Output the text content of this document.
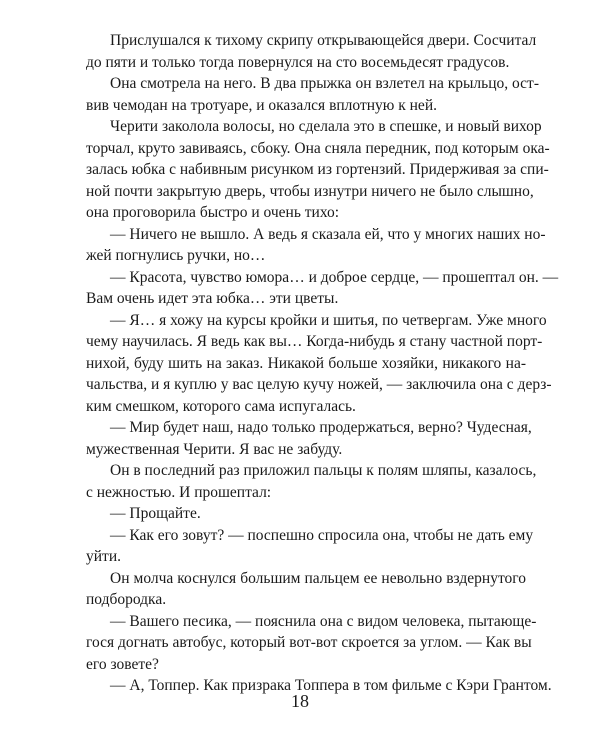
Прислушался к тихому скрипу открывающейся двери. Сосчитал
до пяти и только тогда повернулся на сто восемьдесят градусов.
Она смотрела на него. В два прыжка он взлетел на крыльцо, ост-
вив чемодан на тротуаре, и оказался вплотную к ней.
Черити заколола волосы, но сделала это в спешке, и новый вихор
торчал, круто завиваясь, сбоку. Она сняла передник, под которым ока-
залась юбка с набивным рисунком из гортензий. Придерживая за спи-
ной почти закрытую дверь, чтобы изнутри ничего не было слышно,
она проговорила быстро и очень тихо:
— Ничего не вышло. А ведь я сказала ей, что у многих наших но-
жей погнулись ручки, но…
— Красота, чувство юмора… и доброе сердце, — прошептал он. —
Вам очень идет эта юбка… эти цветы.
— Я… я хожу на курсы кройки и шитья, по четвергам. Уже много
чему научилась. Я ведь как вы… Когда-нибудь я стану частной порт-
нихой, буду шить на заказ. Никакой больше хозяйки, никакого на-
чальства, и я куплю у вас целую кучу ножей, — заключила она с дерз-
ким смешком, которого сама испугалась.
— Мир будет наш, надо только продержаться, верно? Чудесная,
мужественная Черити. Я вас не забуду.
Он в последний раз приложил пальцы к полям шляпы, казалось,
с нежностью. И прошептал:
— Прощайте.
— Как его зовут? — поспешно спросила она, чтобы не дать ему
уйти.
Он молча коснулся большим пальцем ее невольно вздернутого
подбородка.
— Вашего песика, — пояснила она с видом человека, пытающе-
гося догнать автобус, который вот-вот скроется за углом. — Как вы
его зовете?
— А, Топпер. Как призрака Топпера в том фильме с Кэри Грантом.
18
